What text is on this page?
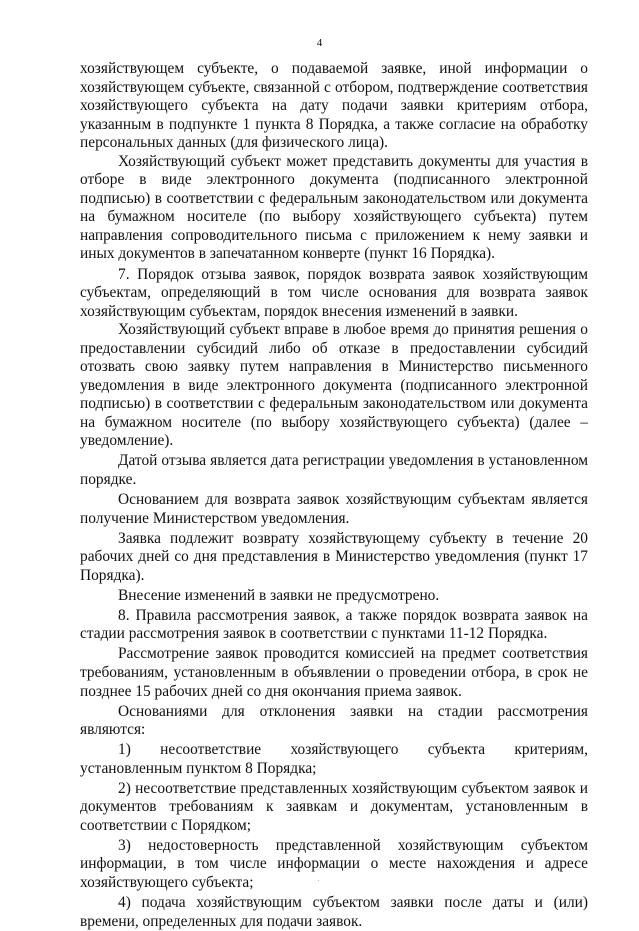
4

хозяйствующем субъекте, о подаваемой заявке, иной информации о хозяйствующем субъекте, связанной с отбором, подтверждение соответствия хозяйствующего субъекта на дату подачи заявки критериям отбора, указанным в подпункте 1 пункта 8 Порядка, а также согласие на обработку персональных данных (для физического лица).

Хозяйствующий субъект может представить документы для участия в отборе в виде электронного документа (подписанного электронной подписью) в соответствии с федеральным законодательством или документа на бумажном носителе (по выбору хозяйствующего субъекта) путем направления сопроводительного письма с приложением к нему заявки и иных документов в запечатанном конверте (пункт 16 Порядка).

7. Порядок отзыва заявок, порядок возврата заявок хозяйствующим субъектам, определяющий в том числе основания для возврата заявок хозяйствующим субъектам, порядок внесения изменений в заявки.

Хозяйствующий субъект вправе в любое время до принятия решения о предоставлении субсидий либо об отказе в предоставлении субсидий отозвать свою заявку путем направления в Министерство письменного уведомления в виде электронного документа (подписанного электронной подписью) в соответствии с федеральным законодательством или документа на бумажном носителе (по выбору хозяйствующего субъекта) (далее – уведомление).

Датой отзыва является дата регистрации уведомления в установленном порядке.

Основанием для возврата заявок хозяйствующим субъектам является получение Министерством уведомления.

Заявка подлежит возврату хозяйствующему субъекту в течение 20 рабочих дней со дня представления в Министерство уведомления (пункт 17 Порядка).

Внесение изменений в заявки не предусмотрено.

8. Правила рассмотрения заявок, а также порядок возврата заявок на стадии рассмотрения заявок в соответствии с пунктами 11-12 Порядка.

Рассмотрение заявок проводится комиссией на предмет соответствия требованиям, установленным в объявлении о проведении отбора, в срок не позднее 15 рабочих дней со дня окончания приема заявок.

Основаниями для отклонения заявки на стадии рассмотрения являются:

1) несоответствие хозяйствующего субъекта критериям, установленным пунктом 8 Порядка;

2) несоответствие представленных хозяйствующим субъектом заявок и документов требованиям к заявкам и документам, установленным в соответствии с Порядком;

3) недостоверность представленной хозяйствующим субъектом информации, в том числе информации о месте нахождения и адресе хозяйствующего субъекта;

4) подача хозяйствующим субъектом заявки после даты и (или) времени, определенных для подачи заявок.
